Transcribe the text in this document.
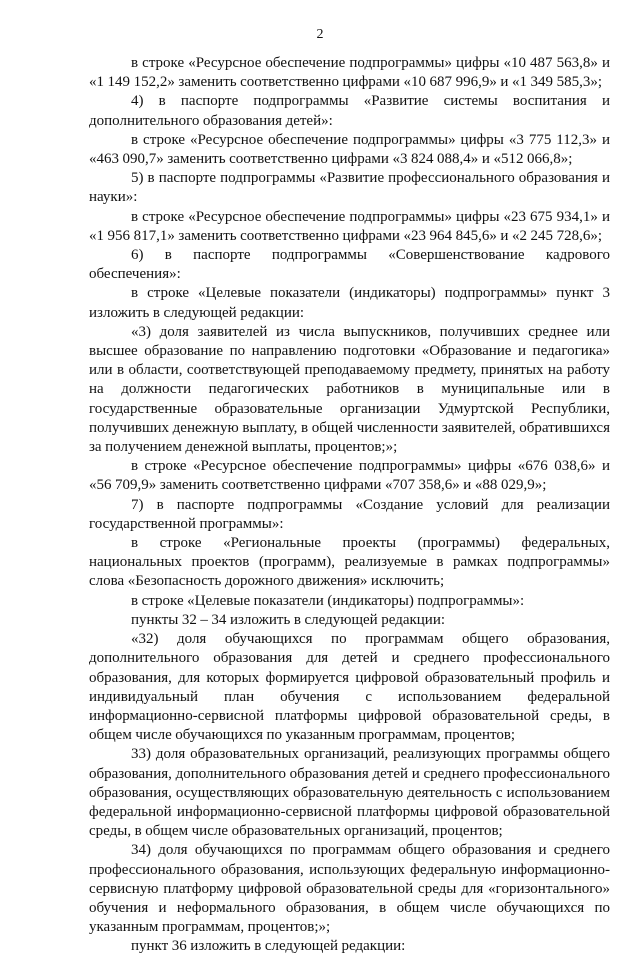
2

в строке «Ресурсное обеспечение подпрограммы» цифры «10 487 563,8» и «1 149 152,2» заменить соответственно цифрами «10 687 996,9» и «1 349 585,3»;

4) в паспорте подпрограммы «Развитие системы воспитания и дополнительного образования детей»:

в строке «Ресурсное обеспечение подпрограммы» цифры «3 775 112,3» и «463 090,7» заменить соответственно цифрами «3 824 088,4» и «512 066,8»;

5) в паспорте подпрограммы «Развитие профессионального образования и науки»:

в строке «Ресурсное обеспечение подпрограммы» цифры «23 675 934,1» и «1 956 817,1» заменить соответственно цифрами «23 964 845,6» и «2 245 728,6»;

6) в паспорте подпрограммы «Совершенствование кадрового обеспечения»:

в строке «Целевые показатели (индикаторы) подпрограммы» пункт 3 изложить в следующей редакции:

«3) доля заявителей из числа выпускников, получивших среднее или высшее образование по направлению подготовки «Образование и педагогика» или в области, соответствующей преподаваемому предмету, принятых на работу на должности педагогических работников в муниципальные или в государственные образовательные организации Удмуртской Республики, получивших денежную выплату, в общей численности заявителей, обратившихся за получением денежной выплаты, процентов;»;

в строке «Ресурсное обеспечение подпрограммы» цифры «676 038,6» и «56 709,9» заменить соответственно цифрами «707 358,6» и «88 029,9»;

7) в паспорте подпрограммы «Создание условий для реализации государственной программы»:

в строке «Региональные проекты (программы) федеральных, национальных проектов (программ), реализуемые в рамках подпрограммы» слова «Безопасность дорожного движения» исключить;

в строке «Целевые показатели (индикаторы) подпрограммы»:

пункты 32 – 34 изложить в следующей редакции:

«32) доля обучающихся по программам общего образования, дополнительного образования для детей и среднего профессионального образования, для которых формируется цифровой образовательный профиль и индивидуальный план обучения с использованием федеральной информационно-сервисной платформы цифровой образовательной среды, в общем числе обучающихся по указанным программам, процентов;

33) доля образовательных организаций, реализующих программы общего образования, дополнительного образования детей и среднего профессионального образования, осуществляющих образовательную деятельность с использованием федеральной информационно-сервисной платформы цифровой образовательной среды, в общем числе образовательных организаций, процентов;

34) доля обучающихся по программам общего образования и среднего профессионального образования, использующих федеральную информационно-сервисную платформу цифровой образовательной среды для «горизонтального» обучения и неформального образования, в общем числе обучающихся по указанным программам, процентов;»;

пункт 36 изложить в следующей редакции:
